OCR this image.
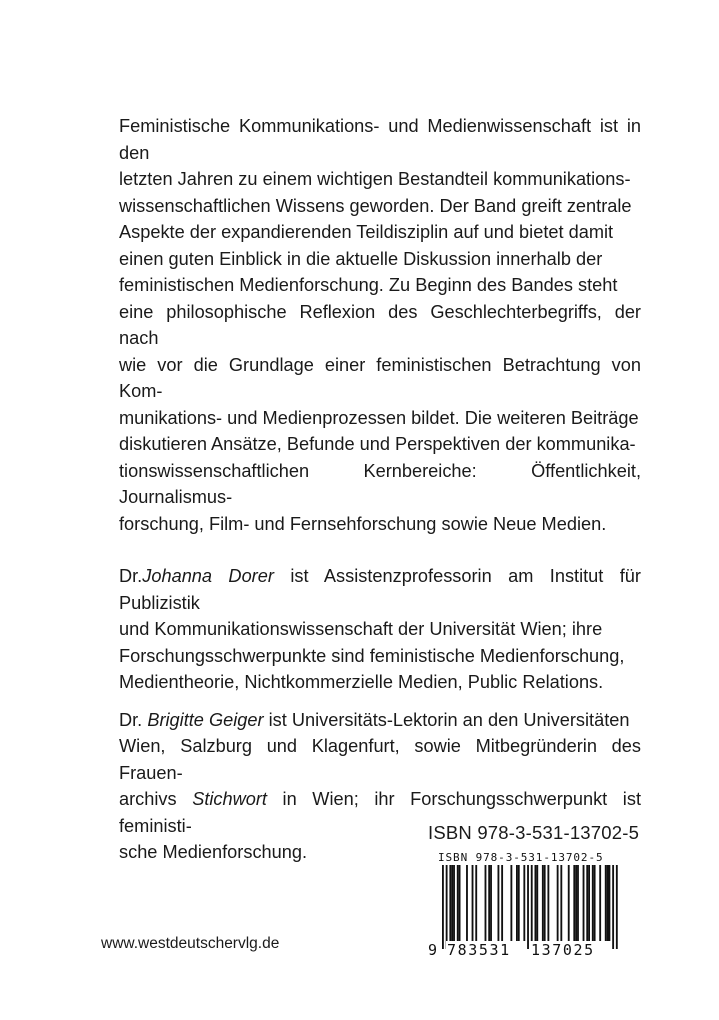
Feministische Kommunikations- und Medienwissenschaft ist in den
letzten Jahren zu einem wichtigen Bestandteil kommunikations-
wissenschaftlichen Wissens geworden. Der Band greift zentrale
Aspekte der expandierenden Teildisziplin auf und bietet damit
einen guten Einblick in die aktuelle Diskussion innerhalb der
feministischen Medienforschung. Zu Beginn des Bandes steht
eine philosophische Reflexion des Geschlechterbegriffs, der nach
wie vor die Grundlage einer feministischen Betrachtung von Kom-
munikations- und Medienprozessen bildet. Die weiteren Beiträge
diskutieren Ansätze, Befunde und Perspektiven der kommunika-
tionswissenschaftlichen Kernbereiche: Öffentlichkeit, Journalismus-
forschung, Film- und Fernsehforschung sowie Neue Medien.

Dr.Johanna Dorer ist Assistenzprofessorin am Institut für Publizistik
und Kommunikationswissenschaft der Universität Wien; ihre
Forschungsschwerpunkte sind feministische Medienforschung,
Medientheorie, Nichtkommerzielle Medien, Public Relations.

Dr. Brigitte Geiger ist Universitäts-Lektorin an den Universitäten
Wien, Salzburg und Klagenfurt, sowie Mitbegründerin des Frauen-
archivs Stichwort in Wien; ihr Forschungsschwerpunkt ist feministi-
sche Medienforschung.

ISBN 978-3-531-13702-5
ISBN 978-3-531-13702-5
9 783531 137025
www.westdeutschervlg.de
